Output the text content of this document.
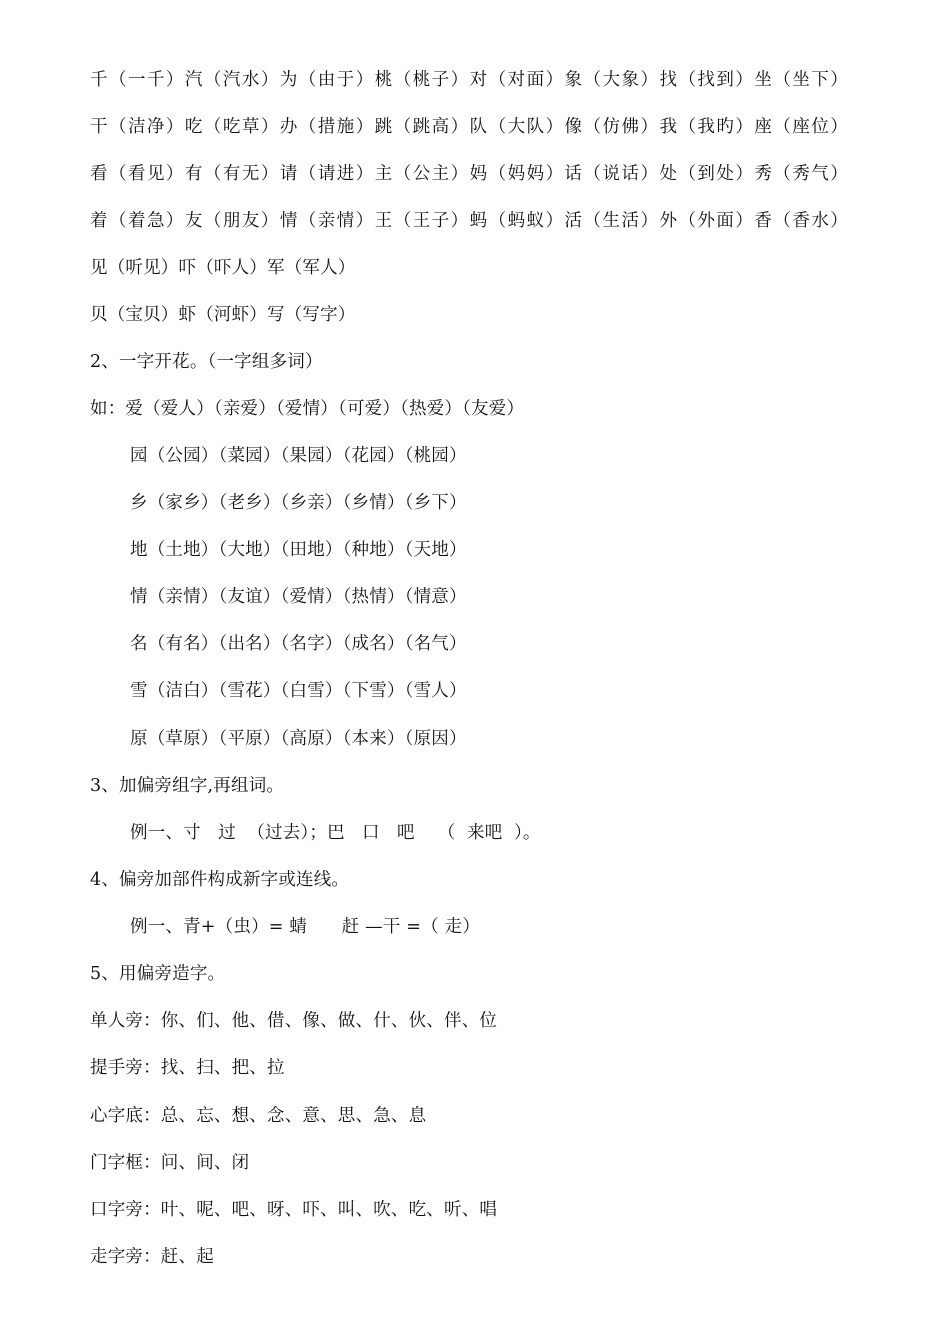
千（一千）汽（汽水）为（由于）桃（桃子）对（对面）象（大象）找（找到）坐（坐下）
干（洁净）吃（吃草）办（措施）跳（跳高）队（大队）像（仿佛）我（我旳）座（座位）
看（看见）有（有无）请（请进）主（公主）妈（妈妈）话（说话）处（到处）秀（秀气）
着（着急）友（朋友）情（亲情）王（王子）蚂（蚂蚁）活（生活）外（外面）香（香水）
见（听见）吓（吓人）军（军人）
贝（宝贝）虾（河虾）写（写字）
2、一字开花。（一字组多词）
如：爱（爱人）（亲爱）（爱情）（可爱）（热爱）（友爱）
园（公园）（菜园）（果园）（花园）（桃园）
乡（家乡）（老乡）（乡亲）（乡情）（乡下）
地（土地）（大地）（田地）（种地）（天地）
情（亲情）（友谊）（爱情）（热情）（情意）
名（有名）（出名）（名字）（成名）（名气）
雪（洁白）（雪花）（白雪）（下雪）（雪人）
原（草原）（平原）（高原）（本来）（原因）
3、加偏旁组字,再组词。
例一、寸   过  （过去）；巴   口   吧    （  来吧  ）。
4、偏旁加部件构成新字或连线。
例一、青+（虫）= 蜻      赶 —干 =（ 走）
5、用偏旁造字。
单人旁：你、们、他、借、像、做、什、伙、伴、位
提手旁：找、扫、把、拉
心字底：总、忘、想、念、意、思、急、息
门字框：问、间、闭
口字旁：叶、呢、吧、呀、吓、叫、吹、吃、听、唱
走字旁：赶、起
